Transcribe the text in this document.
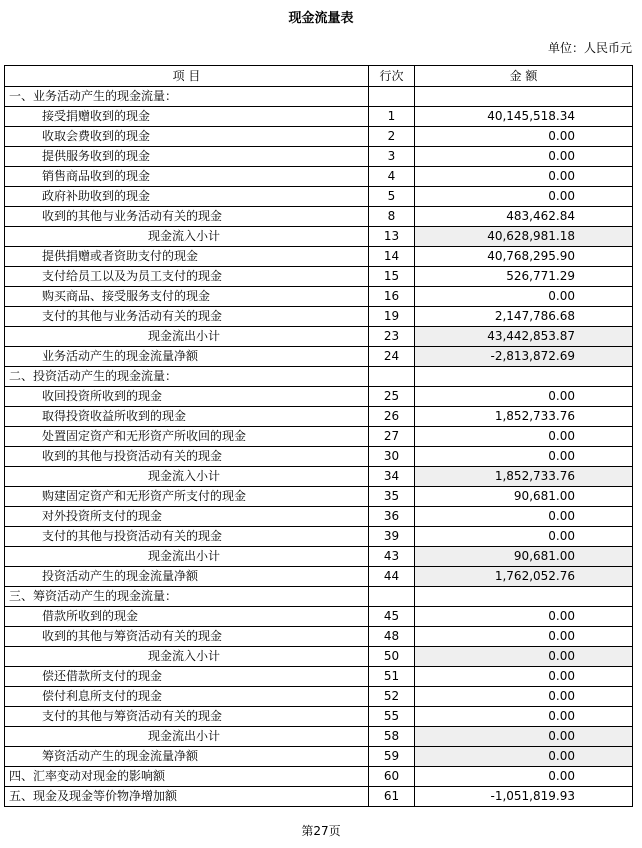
现金流量表
单位：人民币元
项 目	行次	金 额
一、业务活动产生的现金流量：		
接受捐赠收到的现金	1	40,145,518.34
收取会费收到的现金	2	0.00
提供服务收到的现金	3	0.00
销售商品收到的现金	4	0.00
政府补助收到的现金	5	0.00
收到的其他与业务活动有关的现金	8	483,462.84
现金流入小计	13	40,628,981.18
提供捐赠或者资助支付的现金	14	40,768,295.90
支付给员工以及为员工支付的现金	15	526,771.29
购买商品、接受服务支付的现金	16	0.00
支付的其他与业务活动有关的现金	19	2,147,786.68
现金流出小计	23	43,442,853.87
业务活动产生的现金流量净额	24	-2,813,872.69
二、投资活动产生的现金流量：		
收回投资所收到的现金	25	0.00
取得投资收益所收到的现金	26	1,852,733.76
处置固定资产和无形资产所收回的现金	27	0.00
收到的其他与投资活动有关的现金	30	0.00
现金流入小计	34	1,852,733.76
购建固定资产和无形资产所支付的现金	35	90,681.00
对外投资所支付的现金	36	0.00
支付的其他与投资活动有关的现金	39	0.00
现金流出小计	43	90,681.00
投资活动产生的现金流量净额	44	1,762,052.76
三、筹资活动产生的现金流量：		
借款所收到的现金	45	0.00
收到的其他与筹资活动有关的现金	48	0.00
现金流入小计	50	0.00
偿还借款所支付的现金	51	0.00
偿付利息所支付的现金	52	0.00
支付的其他与筹资活动有关的现金	55	0.00
现金流出小计	58	0.00
筹资活动产生的现金流量净额	59	0.00
四、汇率变动对现金的影响额	60	0.00
五、现金及现金等价物净增加额	61	-1,051,819.93
第27页
